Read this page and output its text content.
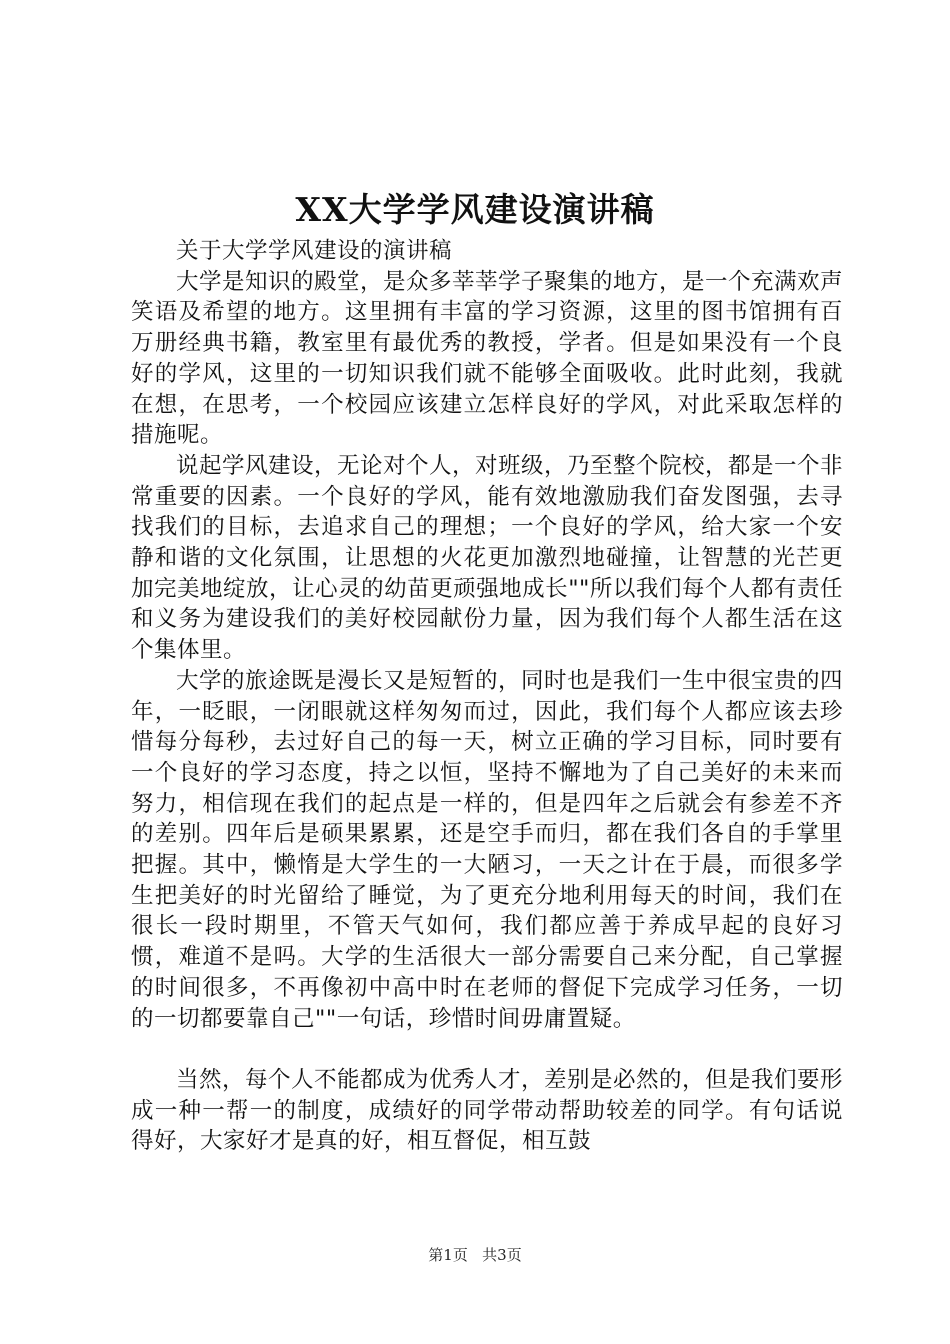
XX大学学风建设演讲稿

关于大学学风建设的演讲稿

大学是知识的殿堂，是众多莘莘学子聚集的地方，是一个充满欢声笑语及希望的地方。这里拥有丰富的学习资源，这里的图书馆拥有百万册经典书籍，教室里有最优秀的教授，学者。但是如果没有一个良好的学风，这里的一切知识我们就不能够全面吸收。此时此刻，我就在想，在思考，一个校园应该建立怎样良好的学风，对此采取怎样的措施呢。

说起学风建设，无论对个人，对班级，乃至整个院校，都是一个非常重要的因素。一个良好的学风，能有效地激励我们奋发图强，去寻找我们的目标，去追求自己的理想；一个良好的学风，给大家一个安静和谐的文化氛围，让思想的火花更加激烈地碰撞，让智慧的光芒更加完美地绽放，让心灵的幼苗更顽强地成长""所以我们每个人都有责任和义务为建设我们的美好校园献份力量，因为我们每个人都生活在这个集体里。

大学的旅途既是漫长又是短暂的，同时也是我们一生中很宝贵的四年，一眨眼，一闭眼就这样匆匆而过，因此，我们每个人都应该去珍惜每分每秒，去过好自己的每一天，树立正确的学习目标，同时要有一个良好的学习态度，持之以恒，坚持不懈地为了自己美好的未来而努力，相信现在我们的起点是一样的，但是四年之后就会有参差不齐的差别。四年后是硕果累累，还是空手而归，都在我们各自的手掌里把握。其中，懒惰是大学生的一大陋习，一天之计在于晨，而很多学生把美好的时光留给了睡觉，为了更充分地利用每天的时间，我们在很长一段时期里，不管天气如何，我们都应善于养成早起的良好习惯，难道不是吗。大学的生活很大一部分需要自己来分配，自己掌握的时间很多，不再像初中高中时在老师的督促下完成学习任务，一切的一切都要靠自己""一句话，珍惜时间毋庸置疑。

当然，每个人不能都成为优秀人才，差别是必然的，但是我们要形成一种一帮一的制度，成绩好的同学带动帮助较差的同学。有句话说得好，大家好才是真的好，相互督促，相互鼓

第1页 共3页
